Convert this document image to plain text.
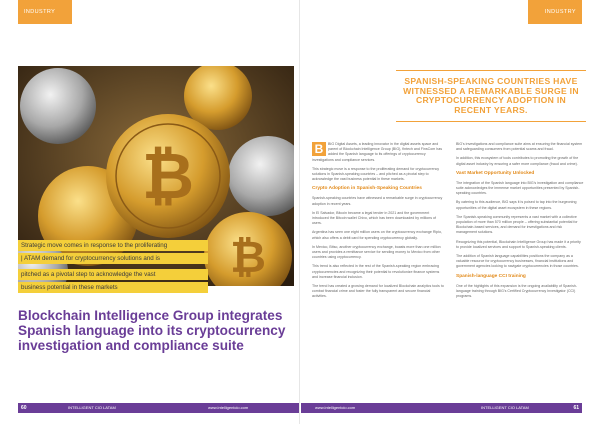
INDUSTRY WATCH
₿
₿
Strategic move comes in response to the proliferating
| ATAM demand for cryptocurrency solutions and is
pitched as a pivotal step to acknowledge the vast
business potential in these markets
Blockchain Intelligence Group integrates Spanish language into its cryptocurrency investigation and compliance suite
INDUSTRY WATCH
SPANISH-SPEAKING COUNTRIES HAVE WITNESSED A REMARKABLE SURGE IN CRYPTOCURRENCY ADOPTION IN RECENT YEARS.

B	BIG Digital Assets, a leading innovator in the digital assets space and parent of Blockchain Intelligence Group (BIG), fintech and FinsCom has added the Spanish language to its offerings of cryptocurrency investigations and compliance services.

This strategic move is a response to the proliferating demand for cryptocurrency solutions in Spanish-speaking countries – and pitched as a pivotal step to acknowledge the vast business potential in these markets.

Crypto Adoption in Spanish-Speaking Countries

Spanish-speaking countries have witnessed a remarkable surge in cryptocurrency adoption in recent years.

In El Salvador, Bitcoin became a legal tender in 2021 and the government introduced the Bitcoin wallet Chivo, which has been downloaded by millions of users.

Argentina has seen one eight million users on the cryptocurrency exchange Ripio, which also offers a debit card for spending cryptocurrency globally.

In Mexico, Bitso, another cryptocurrency exchange, boasts more than one million users and provides a remittance service for sending money to Mexico from other countries using cryptocurrency.

This trend is also reflected in the rest of the Spanish-speaking region embracing cryptocurrencies and recognizing their potential to revolutionize finance systems and increase financial inclusion.

The trend has created a growing demand for localized Blockchain analytics tools to combat financial crime and foster the fully transparent and secure financial activities.

BIG's investigations and compliance suite aims at ensuring the financial system and safeguarding consumers from potential scams and fraud.

In addition, this ecosystem of tools contributes to promoting the growth of the digital asset industry by ensuring a safer more compliance (fraud and crime).

Vast Market Opportunity Unlocked

The integration of the Spanish language into BIG's investigation and compliance suite acknowledges the immense market opportunities presented by Spanish-speaking countries.

By catering to this audience, BIG says it is poised to tap into the burgeoning opportunities of the digital asset ecosystem in these regions.

The Spanish-speaking community represents a vast market with a collective population of more than 570 million people – offering substantial potential for Blockchain-based services, and demand for investigations and risk management solutions.

Recognizing this potential, Blockchain Intelligence Group has made it a priority to provide localized services and support to Spanish-speaking clients.

The addition of Spanish language capabilities positions the company as a valuable resource for cryptocurrency businesses, financial institutions and government agencies looking to navigate cryptocurrencies in those countries.

Spanish-language CCI training

One of the highlights of this expansion is the ongoing availability of Spanish-language training through BIG's Certified Cryptocurrency Investigator (CCI) programs.

60	INTELLIGENT CIO LATAM	www.intelligentcio.com	www.intelligentcio.com	INTELLIGENT CIO LATAM	61
